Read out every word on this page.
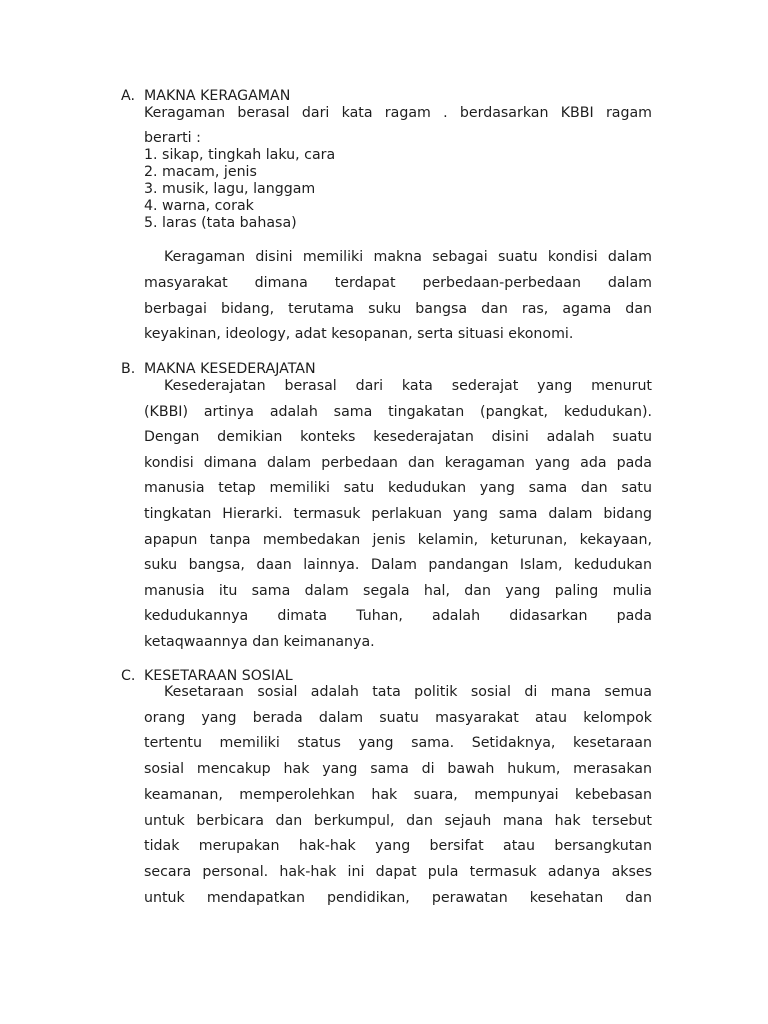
A. MAKNA KERAGAMAN
Keragaman berasal dari kata ragam . berdasarkan KBBI ragam
berarti :
1. sikap, tingkah laku, cara
2. macam, jenis
3. musik, lagu, langgam
4. warna, corak
5. laras (tata bahasa)
Keragaman disini memiliki makna sebagai suatu kondisi dalam
masyarakat dimana terdapat perbedaan-perbedaan dalam
berbagai bidang, terutama suku bangsa dan ras, agama dan
keyakinan, ideology, adat kesopanan, serta situasi ekonomi.
B. MAKNA KESEDERAJATAN
Kesederajatan berasal dari kata sederajat yang menurut
(KBBI) artinya adalah sama tingakatan (pangkat, kedudukan).
Dengan demikian konteks kesederajatan disini adalah suatu
kondisi dimana dalam perbedaan dan keragaman yang ada pada
manusia tetap memiliki satu kedudukan yang sama dan satu
tingkatan Hierarki. termasuk perlakuan yang sama dalam bidang
apapun tanpa membedakan jenis kelamin, keturunan, kekayaan,
suku bangsa, daan lainnya. Dalam pandangan Islam, kedudukan
manusia itu sama dalam segala hal, dan yang paling mulia
kedudukannya dimata Tuhan, adalah didasarkan pada
ketaqwaannya dan keimananya.
C. KESETARAAN SOSIAL
Kesetaraan sosial adalah tata politik sosial di mana semua
orang yang berada dalam suatu masyarakat atau kelompok
tertentu memiliki status yang sama. Setidaknya, kesetaraan
sosial mencakup hak yang sama di bawah hukum, merasakan
keamanan, memperolehkan hak suara, mempunyai kebebasan
untuk berbicara dan berkumpul, dan sejauh mana hak tersebut
tidak merupakan hak-hak yang bersifat atau bersangkutan
secara personal. hak-hak ini dapat pula termasuk adanya akses
untuk mendapatkan pendidikan, perawatan kesehatan dan
